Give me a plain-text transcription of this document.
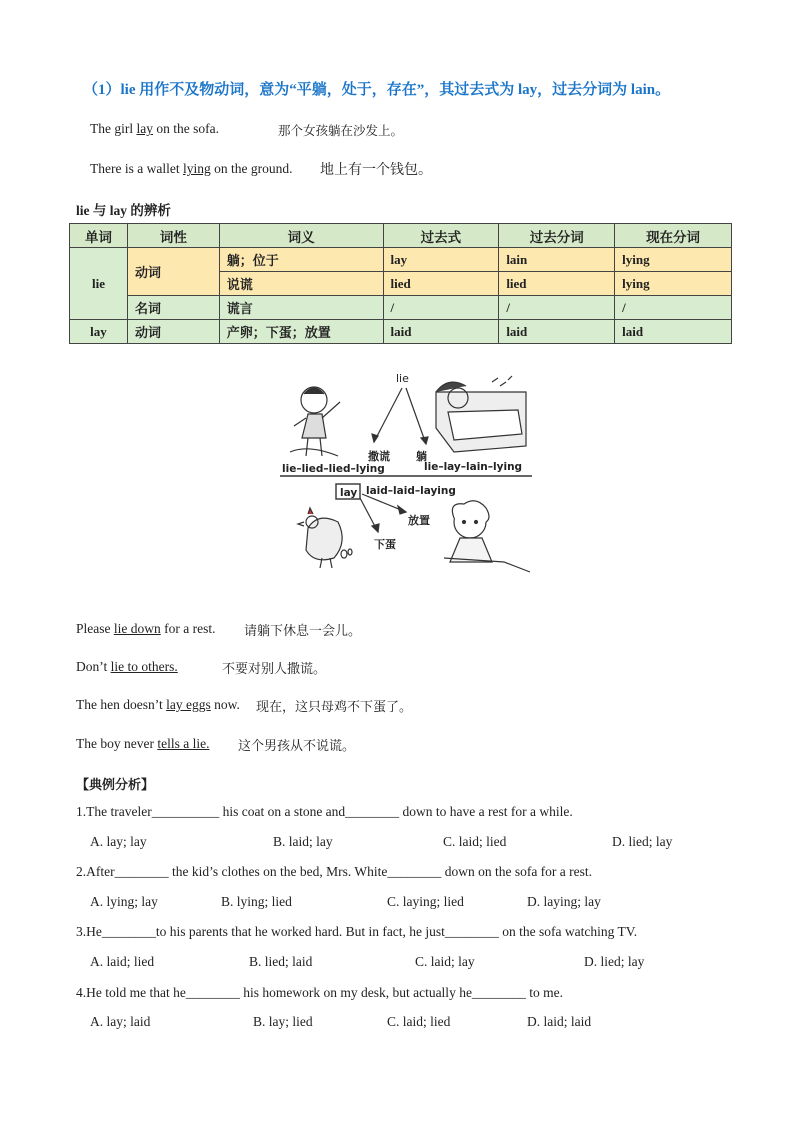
（1）lie 用作不及物动词，意为“平躺，处于，存在”，其过去式为 lay，过去分词为 lain。
The girl lay on the sofa.	那个女孩躺在沙发上。
There is a wallet lying on the ground. 地上有一个钱包。
lie 与 lay 的辨析
单词	词性	词义	过去式	过去分词	现在分词
lie	动词	躺；位于	lay	lain	lying
		说谎	lied	lied	lying
	名词	谎言	/	/	/
lay	动词	产卵；下蛋；放置	laid	laid	laid
lie
撒谎 躺
lie–lied–lied–lying	lie–lay–lain–lying
lay laid–laid–laying
放置
下蛋
Please lie down for a rest. 请躺下休息一会儿。
Don’t lie to others.	不要对别人撒谎。
The hen doesn’t lay eggs now. 现在，这只母鸡不下蛋了。
The boy never tells a lie. 这个男孩从不说谎。
【典例分析】
1.The traveler__________ his coat on a stone and________ down to have a rest for a while.
A. lay; lay	B. laid; lay	C. laid; lied	D. lied; lay
2.After________ the kid’s clothes on the bed, Mrs. White________ down on the sofa for a rest.
A. lying; lay	B. lying; lied	C. laying; lied	D. laying; lay
3.He________to his parents that he worked hard. But in fact, he just________ on the sofa watching TV.
A. laid; lied	B. lied; laid	C. laid; lay	D. lied; lay
4.He told me that he________ his homework on my desk, but actually he________ to me.
A. lay; laid	B. lay; lied	C. laid; lied	D. laid; laid
